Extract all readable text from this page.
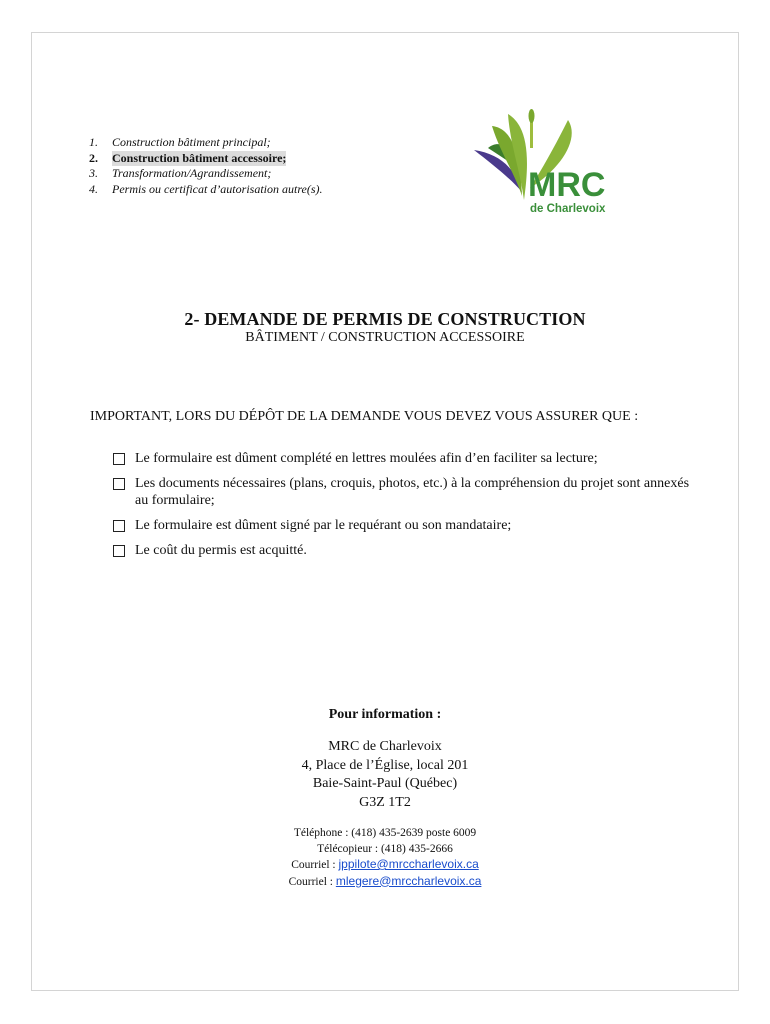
1.	Construction bâtiment principal;
2.	Construction bâtiment accessoire;
3.	Transformation/Agrandissement;
4.	Permis ou certificat d’autorisation autre(s).	MRC
de Charlevoix
2- DEMANDE DE PERMIS DE CONSTRUCTION
BÂTIMENT / CONSTRUCTION ACCESSOIRE
IMPORTANT, LORS DU DÉPÔT DE LA DEMANDE VOUS DEVEZ VOUS ASSURER QUE :
Le formulaire est dûment complété en lettres moulées afin d’en faciliter sa lecture;
Les documents nécessaires (plans, croquis, photos, etc.) à la compréhension du projet sont annexés au formulaire;
Le formulaire est dûment signé par le requérant ou son mandataire;
Le coût du permis est acquitté.
Pour information :
MRC de Charlevoix
4, Place de l’Église, local 201
Baie-Saint-Paul (Québec)
G3Z 1T2
Téléphone : (418) 435-2639 poste 6009
Télécopieur : (418) 435-2666
Courriel : jppilote@mrccharlevoix.ca
Courriel : mlegere@mrccharlevoix.ca
